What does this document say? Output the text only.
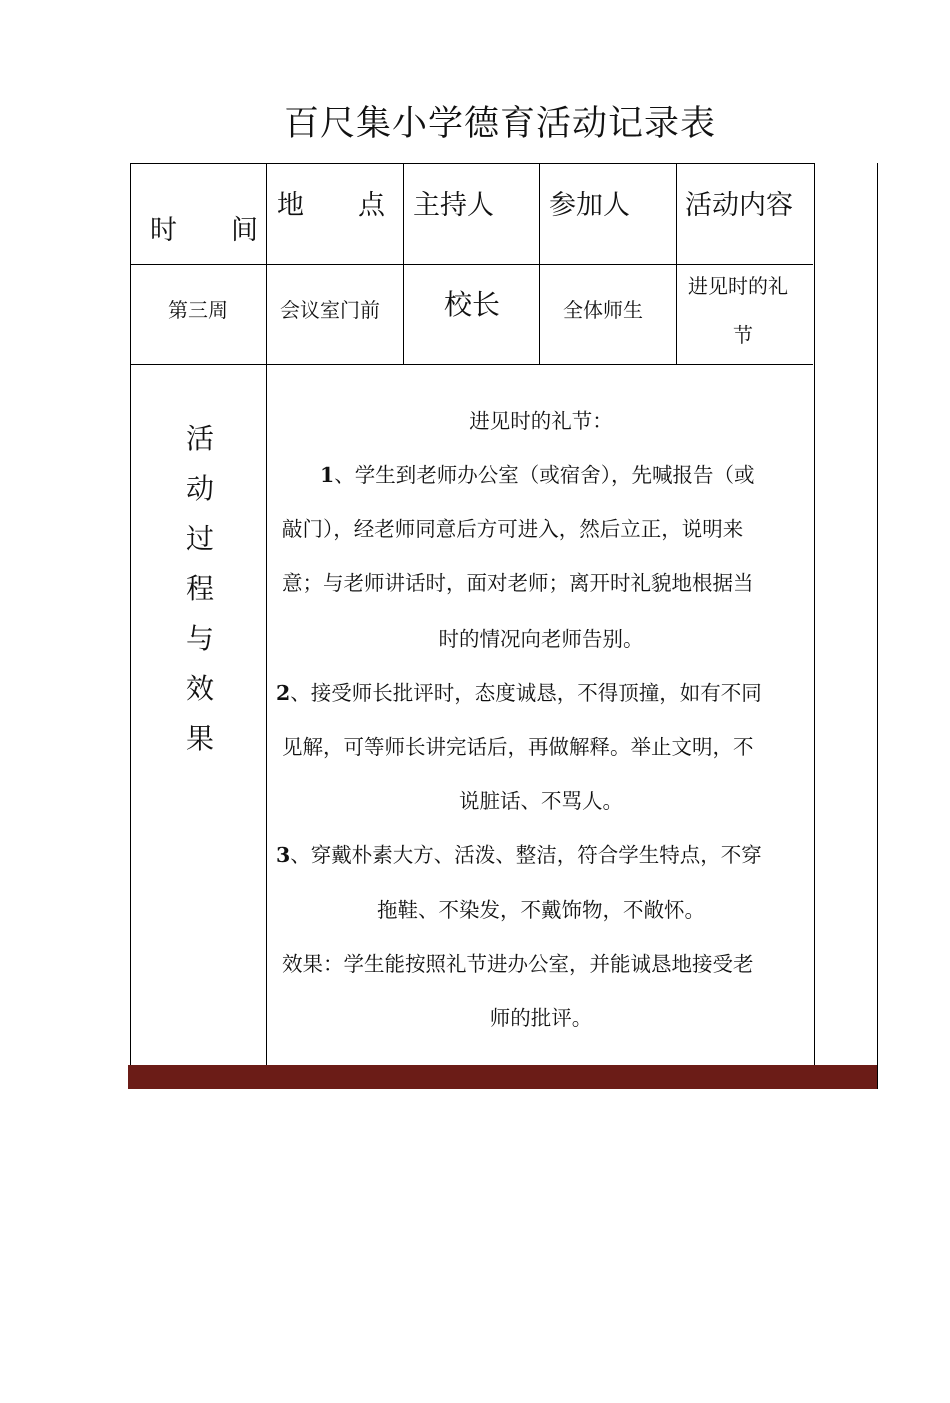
百尺集小学德育活动记录表
时　　间
地　　点 主持人 参加人 活动内容
第三周	会议室门前 校长	全体师生
进见时的礼
节
活
动
过
程
与
效
果
进见时的礼节：
1、学生到老师办公室（或宿舍），先喊报告（或
敲门），经老师同意后方可进入，然后立正，说明来
意；与老师讲话时，面对老师；离开时礼貌地根据当
时的情况向老师告别。
2、接受师长批评时，态度诚恳，不得顶撞，如有不同
见解，可等师长讲完话后，再做解释。举止文明，不
说脏话、不骂人。
3、穿戴朴素大方、活泼、整洁，符合学生特点，不穿
拖鞋、不染发，不戴饰物，不敞怀。
效果：学生能按照礼节进办公室，并能诚恳地接受老
师的批评。
